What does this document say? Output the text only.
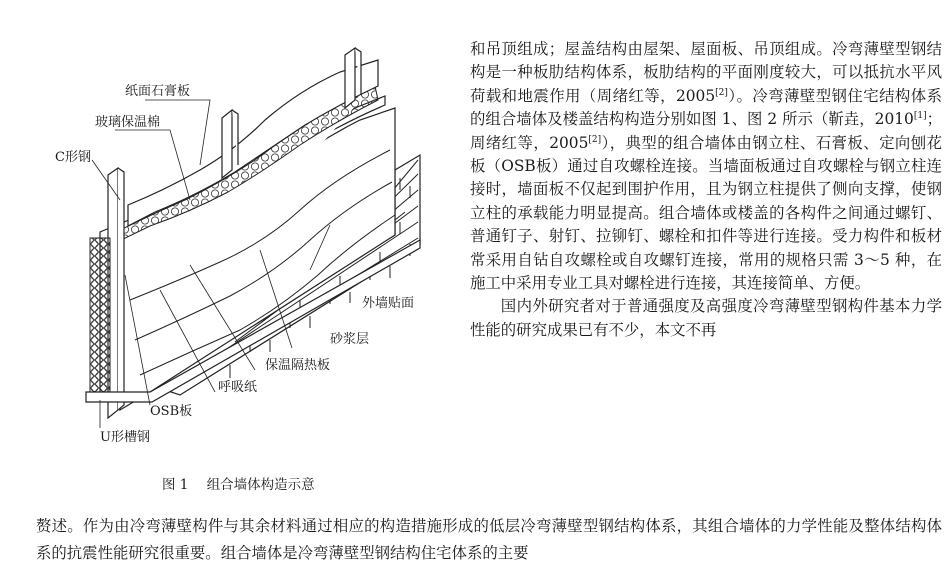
纸面石膏板
玻璃保温棉
C形钢
外墙贴面
砂浆层
保温隔热板
呼吸纸
OSB板
U形槽钢
图 1 组合墙体构造示意

和吊顶组成；屋盖结构由屋架、屋面板、吊顶组成。冷弯薄壁型钢结构是一种板肋结构体系，板肋结构的平面刚度较大，可以抵抗水平风荷载和地震作用（周绪红等，2005[2]）。冷弯薄壁型钢住宅结构体系的组合墙体及楼盖结构构造分别如图 1、图 2 所示（靳垚，2010[1]；周绪红等，2005[2]），典型的组合墙体由钢立柱、石膏板、定向刨花板（OSB板）通过自攻螺栓连接。当墙面板通过自攻螺栓与钢立柱连接时，墙面板不仅起到围护作用，且为钢立柱提供了侧向支撑，使钢立柱的承载能力明显提高。组合墙体或楼盖的各构件之间通过螺钉、普通钉子、射钉、拉铆钉、螺栓和扣件等进行连接。受力构件和板材常采用自钻自攻螺栓或自攻螺钉连接，常用的规格只需 3～5 种，在施工中采用专业工具对螺栓进行连接，其连接简单、方便。

国内外研究者对于普通强度及高强度冷弯薄壁型钢构件基本力学性能的研究成果已有不少，本文不再

赘述。作为由冷弯薄壁构件与其余材料通过相应的构造措施形成的低层冷弯薄壁型钢结构体系，其组合墙体的力学性能及整体结构体系的抗震性能研究很重要。组合墙体是冷弯薄壁型钢结构住宅体系的主要
